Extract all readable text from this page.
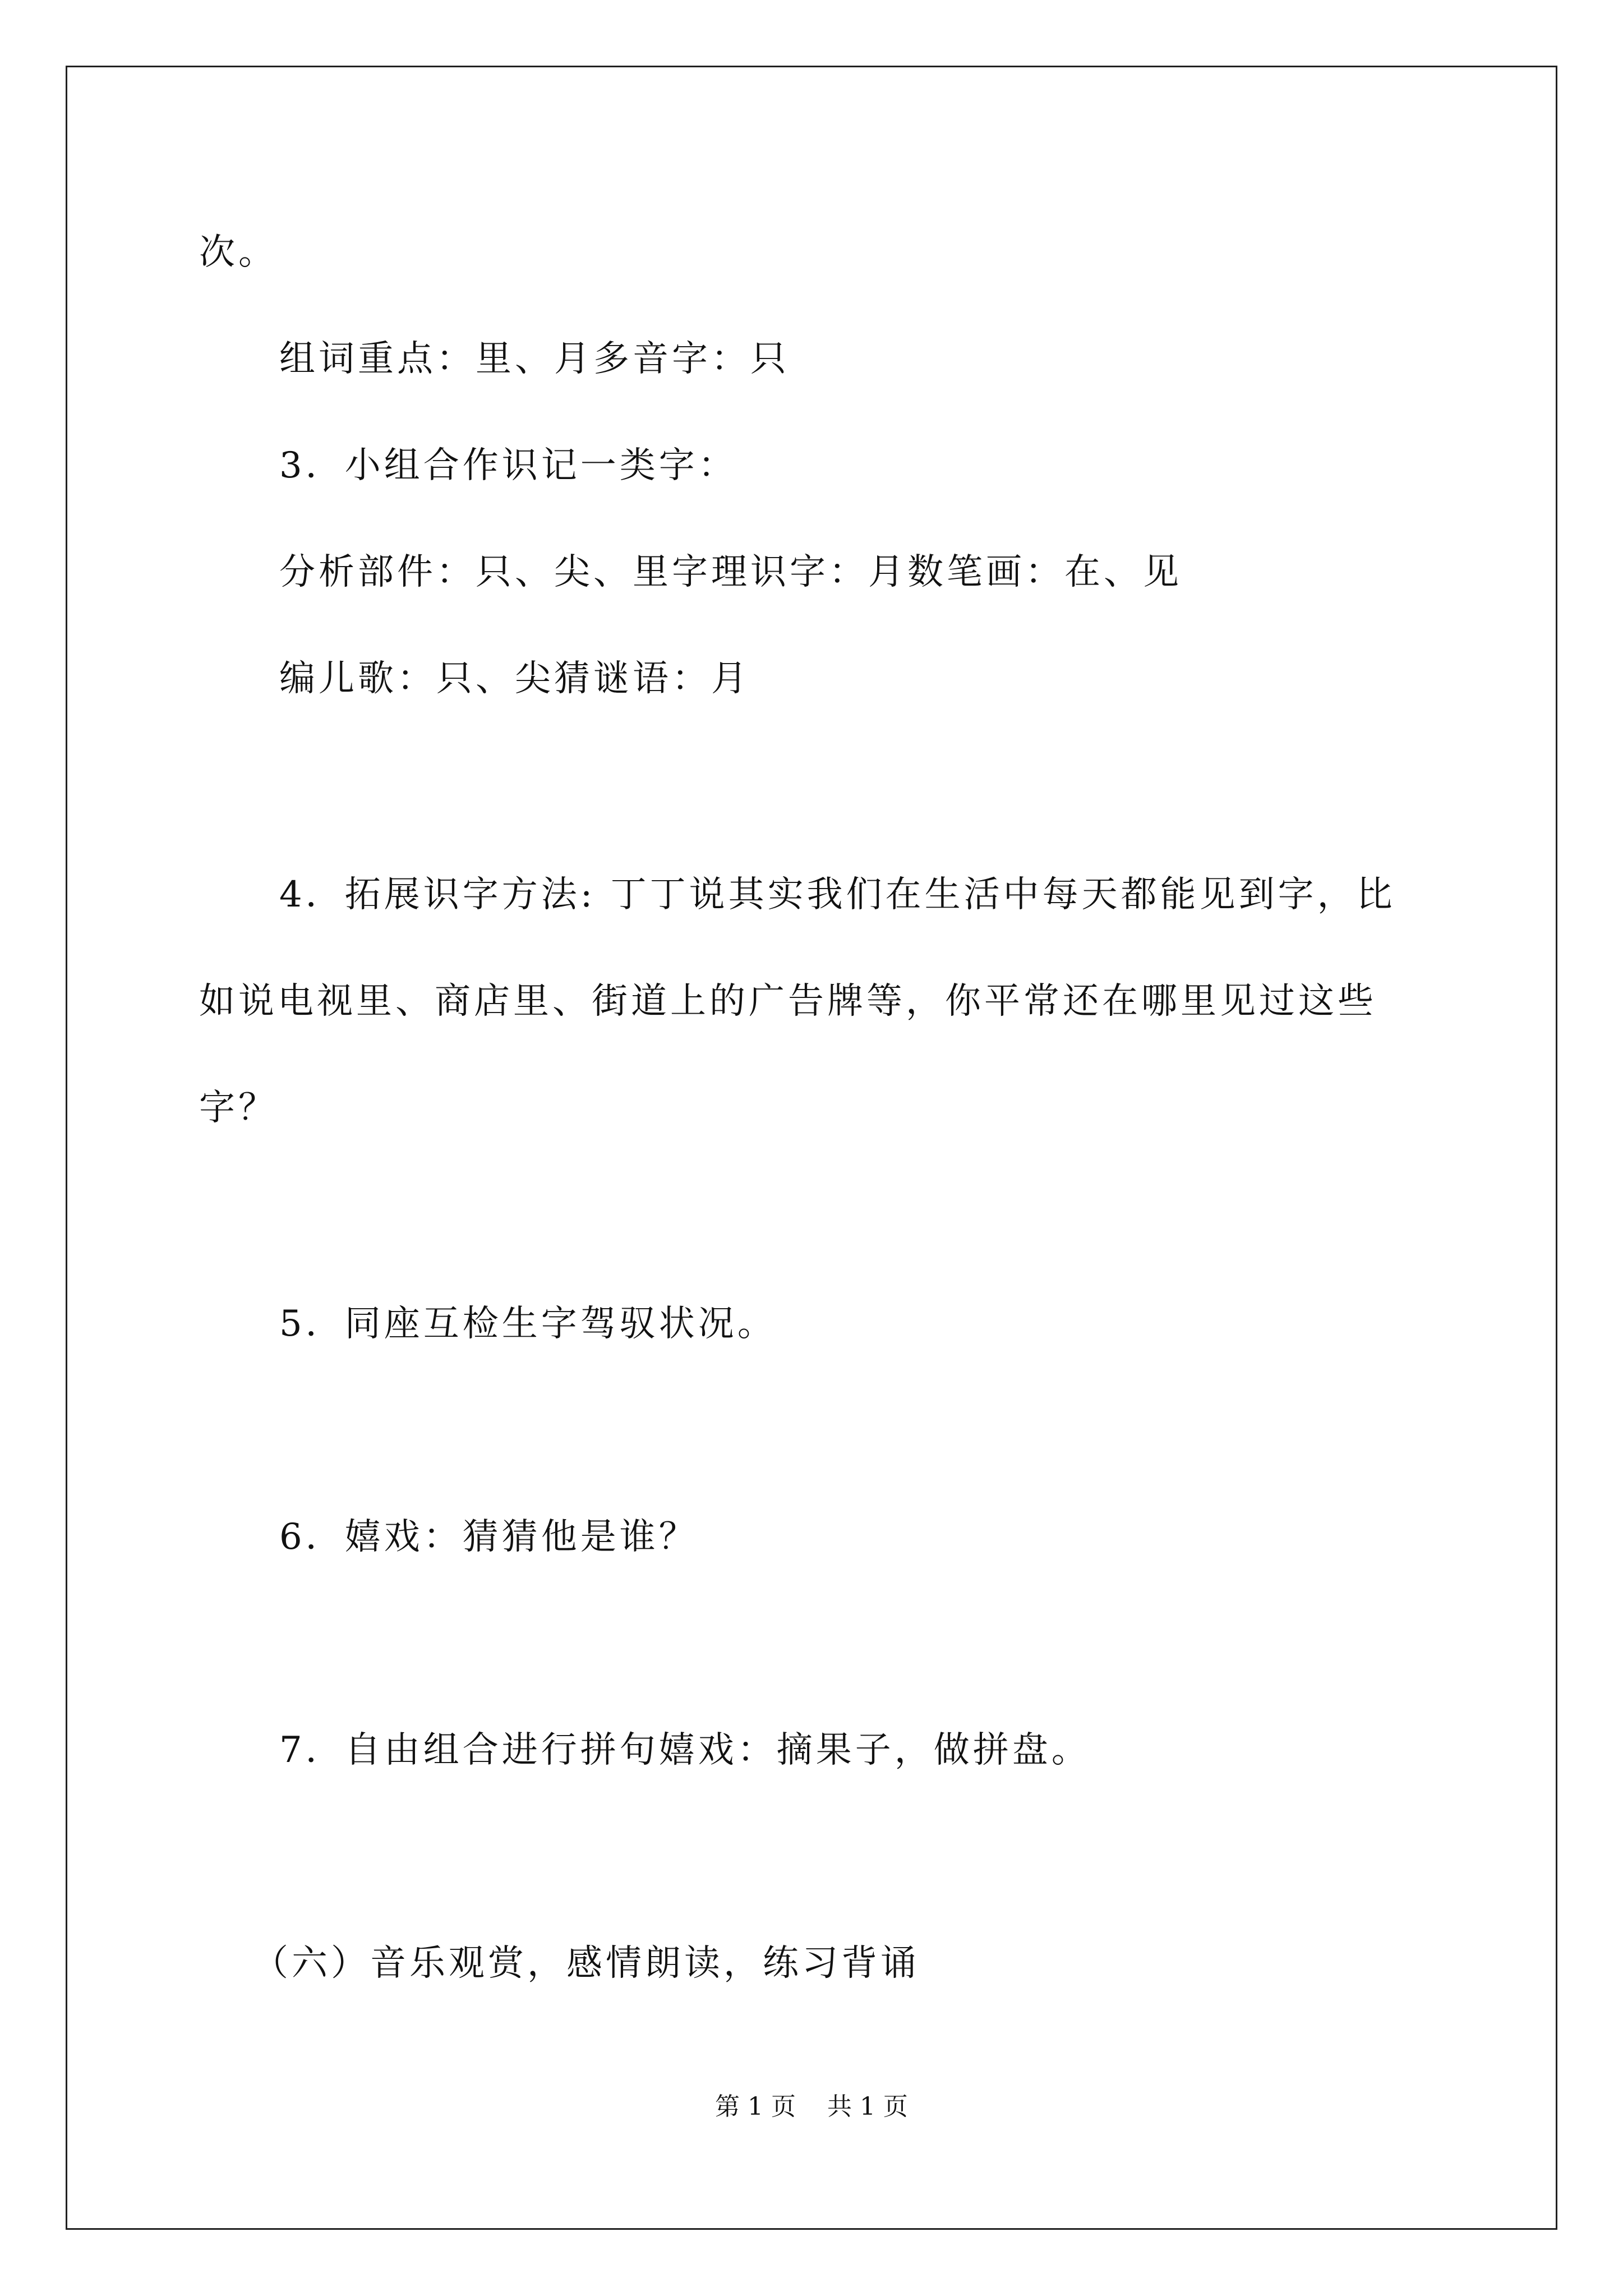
次。
组词重点：里、月多音字：只
3．小组合作识记一类字：
分析部件：只、尖、里字理识字：月数笔画：在、见
编儿歌：只、尖猜谜语：月
4．拓展识字方法: 丁丁说其实我们在生活中每天都能见到字，比
如说电视里、商店里、街道上的广告牌等，你平常还在哪里见过这些
字？
5．同座互检生字驾驭状况。
6．嬉戏：猜猜他是谁？
7．自由组合进行拼句嬉戏：摘果子，做拼盘。
（六）音乐观赏，感情朗读，练习背诵
第 1 页    共 1 页
